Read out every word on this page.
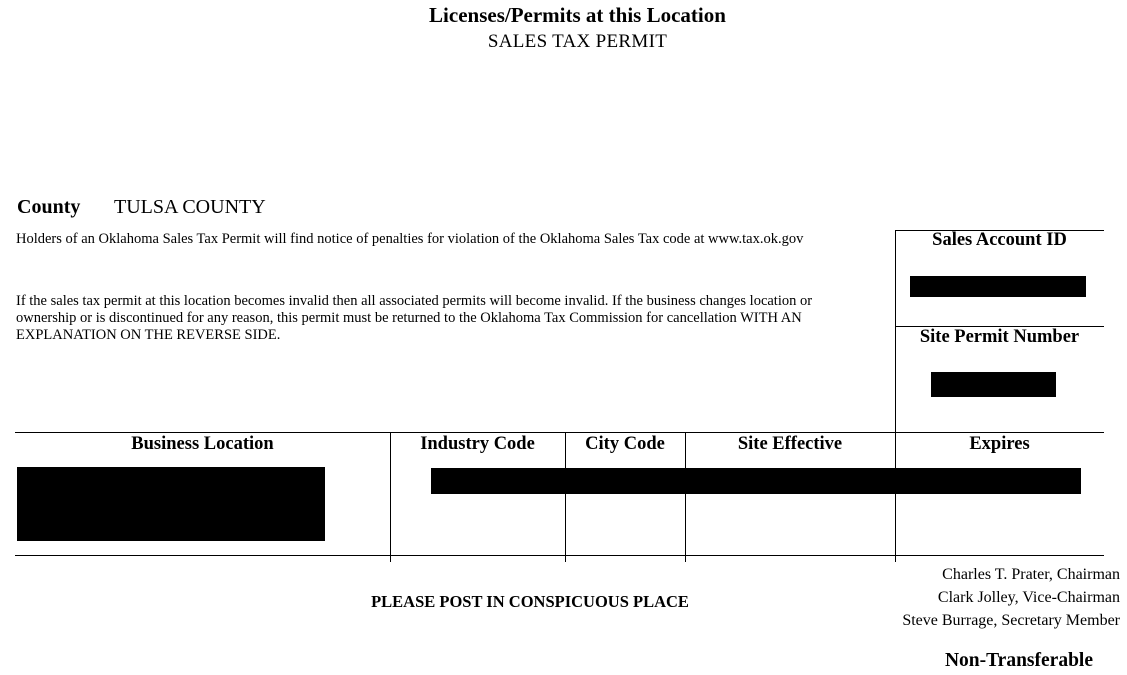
Licenses/Permits at this Location
SALES TAX PERMIT
County TULSA COUNTY
Holders of an Oklahoma Sales Tax Permit will find notice of penalties for violation of the Oklahoma Sales Tax code at www.tax.ok.gov
If the sales tax permit at this location becomes invalid then all associated permits will become invalid. If the business changes location or ownership or is discontinued for any reason, this permit must be returned to the Oklahoma Tax Commission for cancellation WITH AN EXPLANATION ON THE REVERSE SIDE.
Sales Account ID
Site Permit Number
Business Location	Industry Code	City Code	Site Effective	Expires
PLEASE POST IN CONSPICUOUS PLACE
Charles T. Prater, Chairman
Clark Jolley, Vice-Chairman
Steve Burrage, Secretary Member
Non-Transferable
